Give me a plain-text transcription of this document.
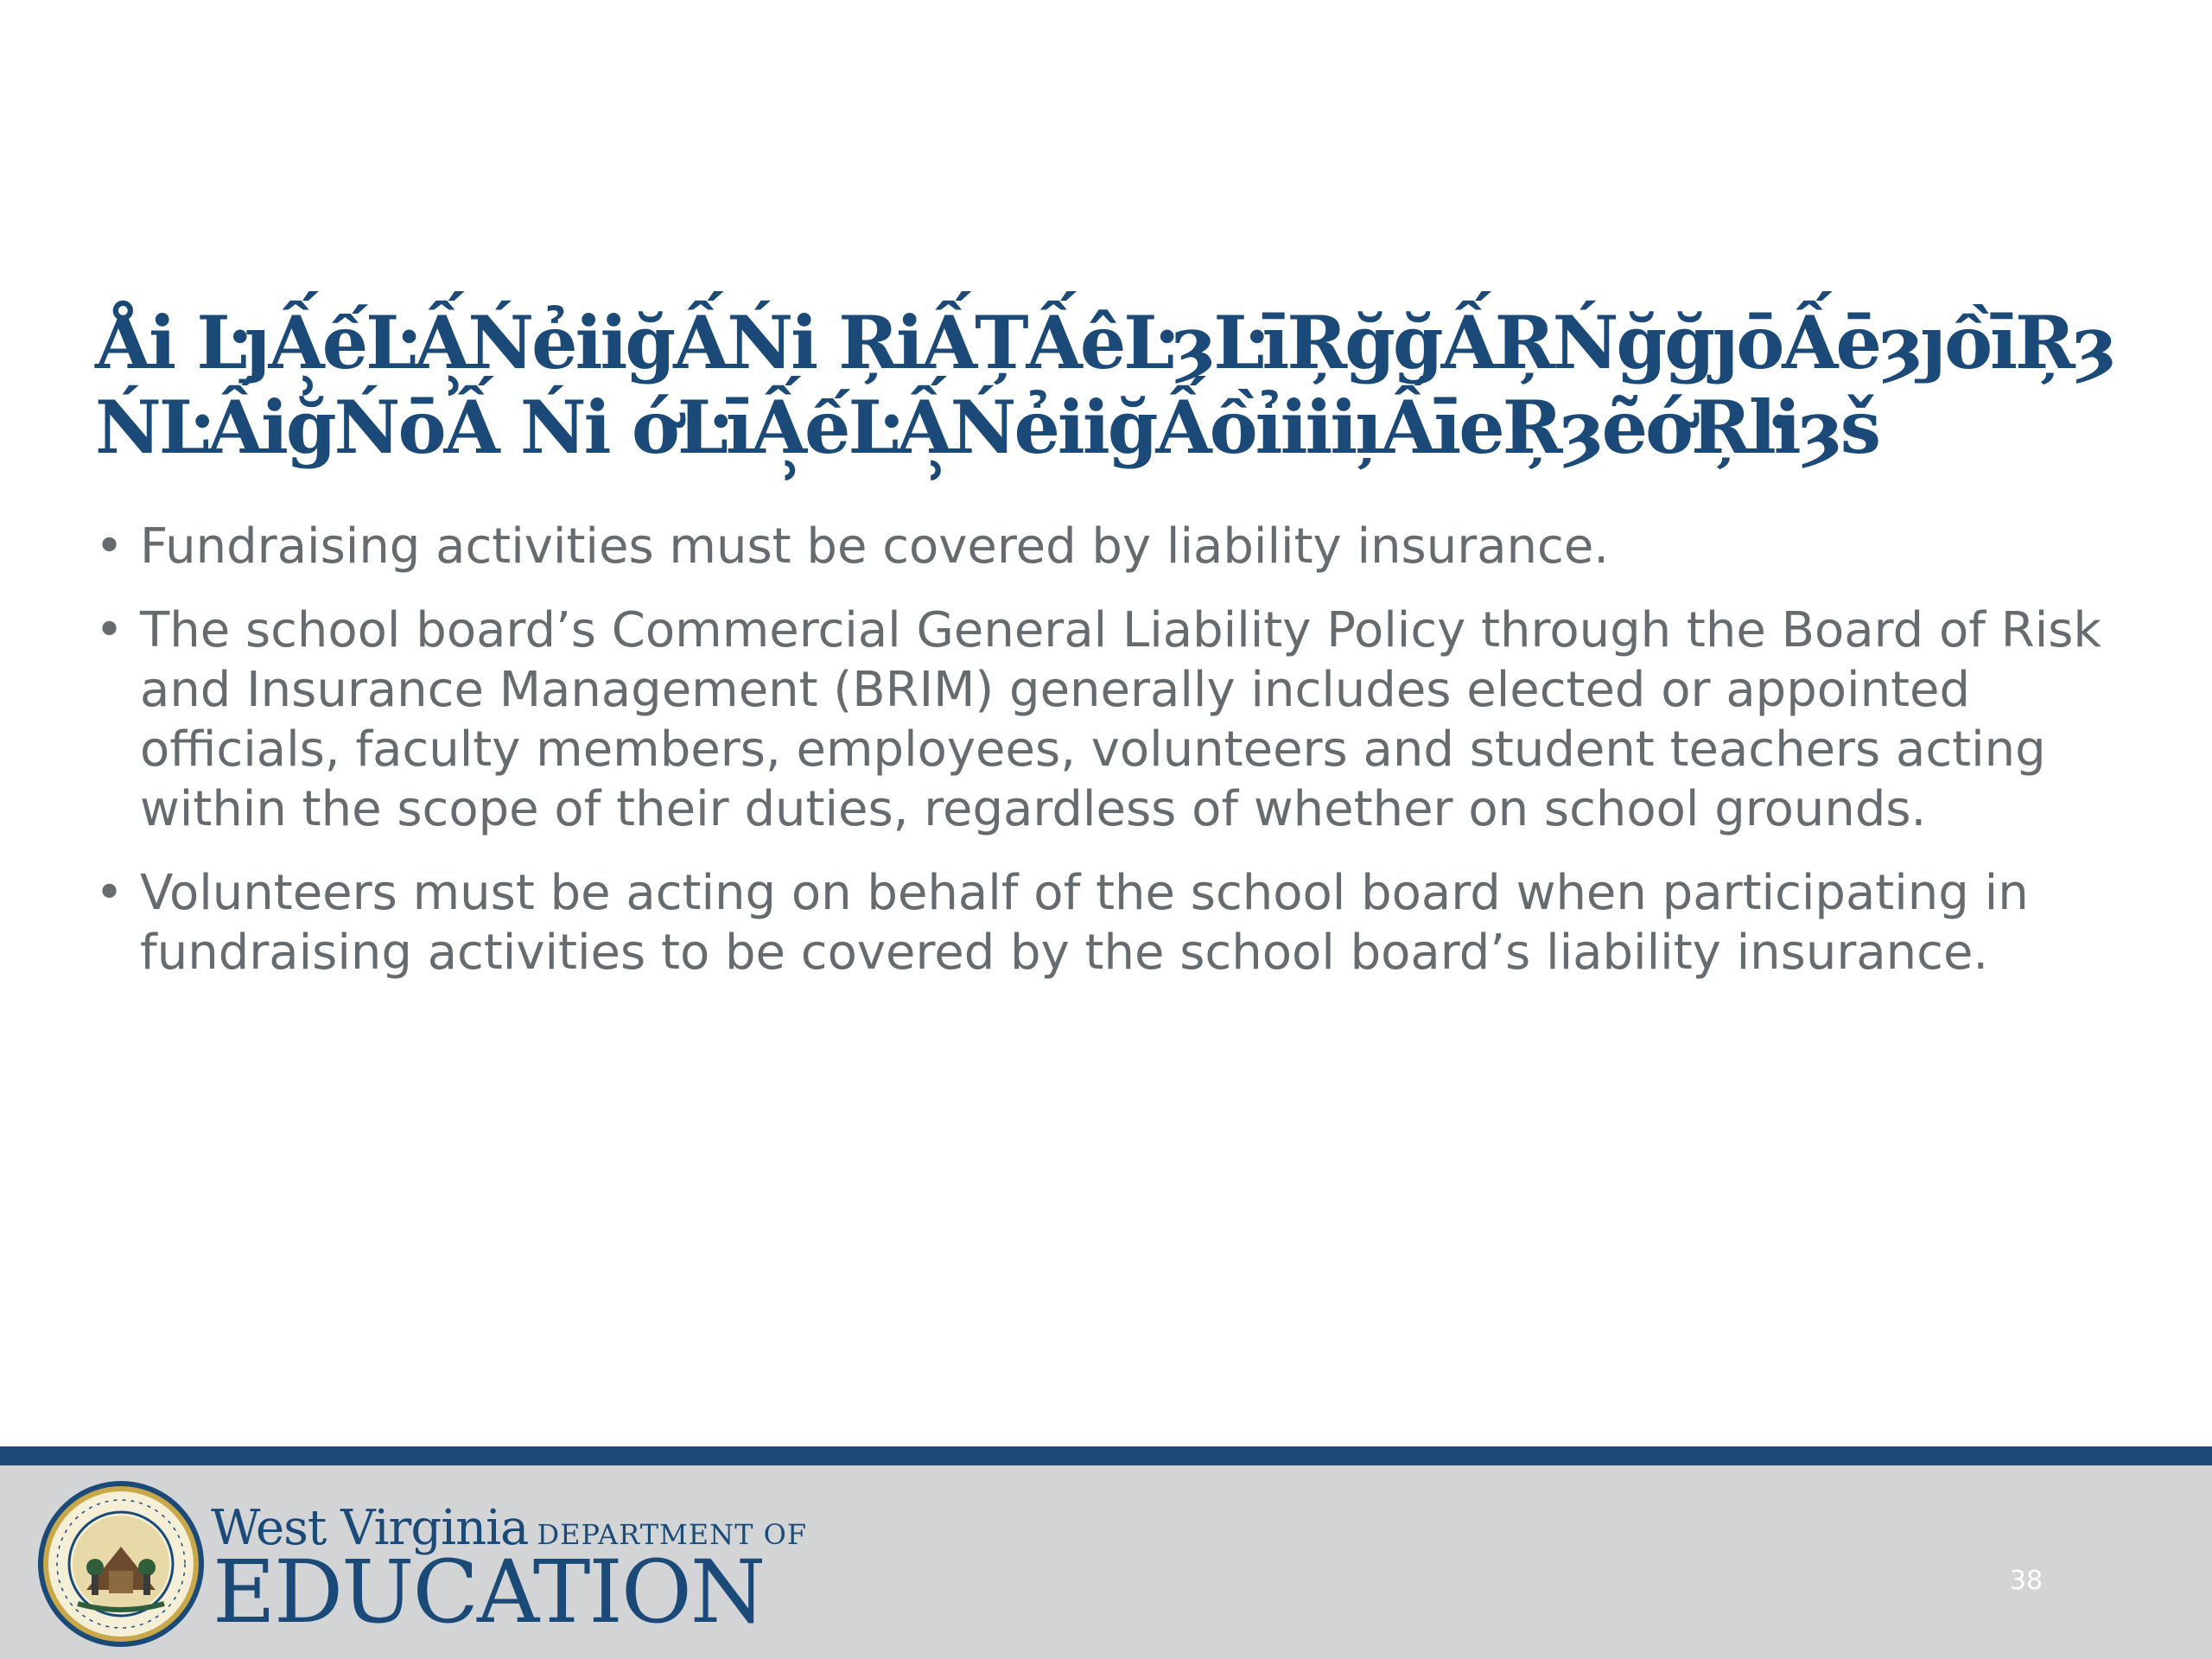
Åi ĿյẤ̹ếĿẤ̹ŃẻiiğẤŃi ŖiẤȚẤêĿȝĿīŖğğẤŖŃğğȷōẤēȝյồīŖȝŃĿẤiğŃōẤ Ńi ớĿīẤ̹ếĿẤ̹ŃẻiiğẤồỉiiiı̦ẤīeŖȝẽớŖŀiȝš
• Fundraising activities must be covered by liability insurance.
• The school board’s Commercial General Liability Policy through the Board of Risk and Insurance Management (BRIM) generally includes elected or appointed officials, faculty members, employees, volunteers and student teachers acting within the scope of their duties, regardless of whether on school grounds.
• Volunteers must be acting on behalf of the school board when participating in fundraising activities to be covered by the school board’s liability insurance.
West Virginia DEPARTMENT OF
EDUCATION	38
